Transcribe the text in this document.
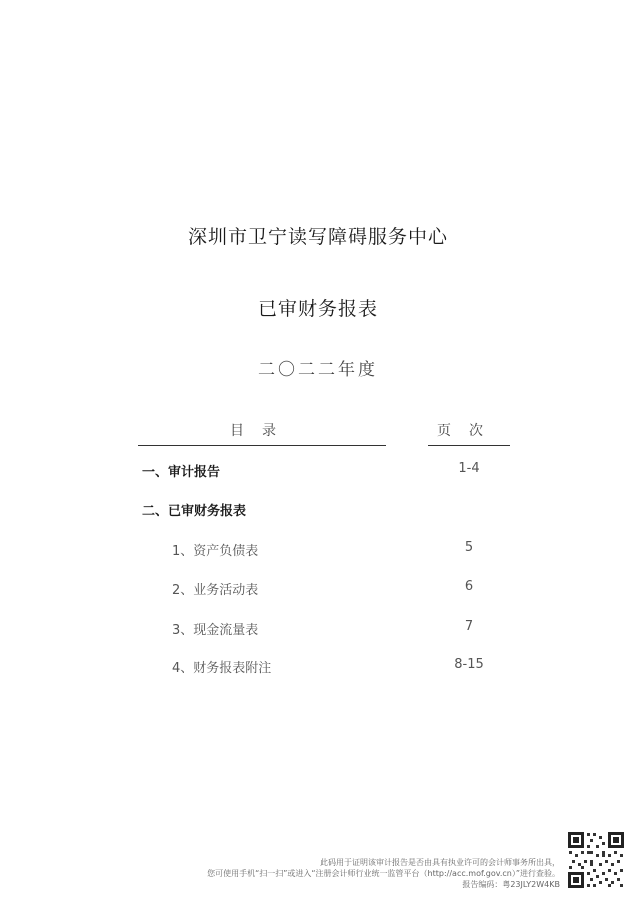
深圳市卫宁读写障碍服务中心
已审财务报表
二〇二二年度
目录	页次
一、审计报告	1-4
二、已审财务报表
1、资产负债表	5
2、业务活动表	6
3、现金流量表	7
4、财务报表附注	8-15
此码用于证明该审计报告是否由具有执业许可的会计师事务所出具，
您可使用手机“扫一扫”或进入“注册会计师行业统一监管平台（http://acc.mof.gov.cn）”进行查验。
报告编码：粤23JLY2W4KB
